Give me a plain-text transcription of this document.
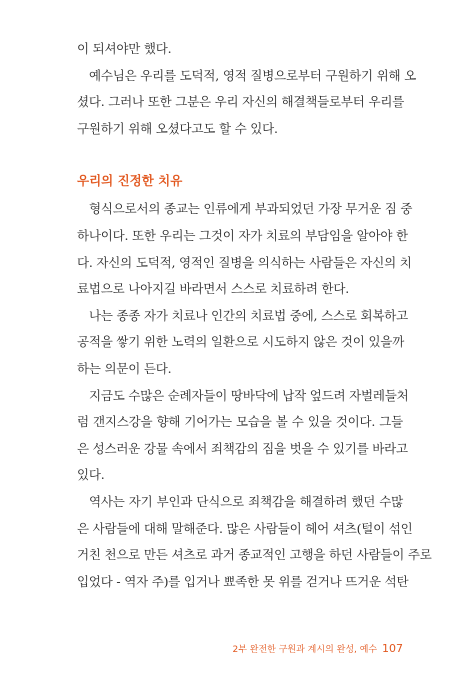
이 되셔야만 했다.
예수님은 우리를 도덕적, 영적 질병으로부터 구원하기 위해 오
셨다. 그러나 또한 그분은 우리 자신의 해결책들로부터 우리를
구원하기 위해 오셨다고도 할 수 있다.
우리의 진정한 치유
형식으로서의 종교는 인류에게 부과되었던 가장 무거운 짐 중
하나이다. 또한 우리는 그것이 자가 치료의 부담임을 알아야 한
다. 자신의 도덕적, 영적인 질병을 의식하는 사람들은 자신의 치
료법으로 나아지길 바라면서 스스로 치료하려 한다.
나는 종종 자가 치료나 인간의 치료법 중에, 스스로 회복하고
공적을 쌓기 위한 노력의 일환으로 시도하지 않은 것이 있을까
하는 의문이 든다.
지금도 수많은 순례자들이 땅바닥에 납작 엎드려 자벌레들처
럼 갠지스강을 향해 기어가는 모습을 볼 수 있을 것이다. 그들
은 성스러운 강물 속에서 죄책감의 짐을 벗을 수 있기를 바라고
있다.
역사는 자기 부인과 단식으로 죄책감을 해결하려 했던 수많
은 사람들에 대해 말해준다. 많은 사람들이 헤어 셔츠(털이 섞인
거친 천으로 만든 셔츠로 과거 종교적인 고행을 하던 사람들이 주로
입었다 - 역자 주)를 입거나 뾰족한 못 위를 걷거나 뜨거운 석탄
2부 완전한 구원과 계시의 완성, 예수 107
